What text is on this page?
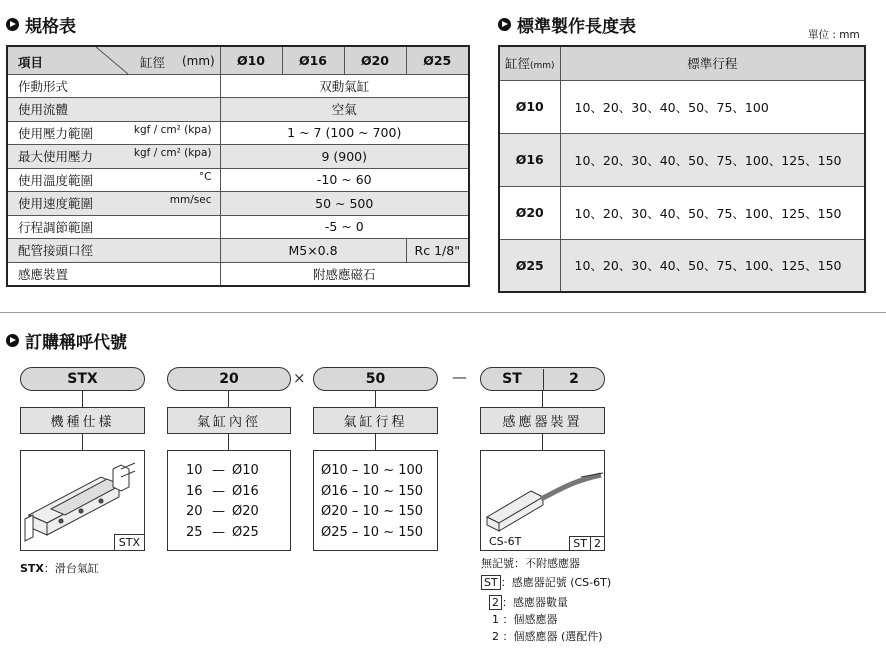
規格表
項目 缸徑 (mm)	Ø10	Ø16	Ø20	Ø25
作動形式	双動氣缸			
使用流體	空氣			

使用壓力範圍 kgf / cm² (kpa)	1 ~ 7 (100 ~ 700)			

最大使用壓力 kgf / cm² (kpa)	9 (900)			

使用溫度範圍 °C	-10 ~ 60			

使用速度範圍 mm/sec	50 ~ 500			
行程調節範圍	-5 ~ 0			
配管接頭口徑	M5×0.8			Rc 1/8"
感應裝置	附感應磁石			
標準製作長度表	單位 : mm
缸徑(mm)	標準行程
Ø10	10、20、30、40、50、75、100
Ø16	10、20、30、40、50、75、100、125、150
Ø20	10、20、30、40、50、75、100、125、150
Ø25	10、20、30、40、50、75、100、125、150
訂購稱呼代號
STX	20	×	50	—	ST	2
機種仕樣	氣缸內徑	氣缸行程	感應器裝置
STX
STX：滑台氣缸
10 — Ø10
16 — Ø16
20 — Ø20
25 — Ø25
Ø10 – 10 ~ 100
Ø16 – 10 ~ 150
Ø20 – 10 ~ 150
Ø25 – 10 ~ 150
CS-6T	ST 2
無記號：不附感應器
ST ：感應器記號 (CS-6T)
2 ：感應器數量
1 ：個感應器
2 ：個感應器 (選配件)
